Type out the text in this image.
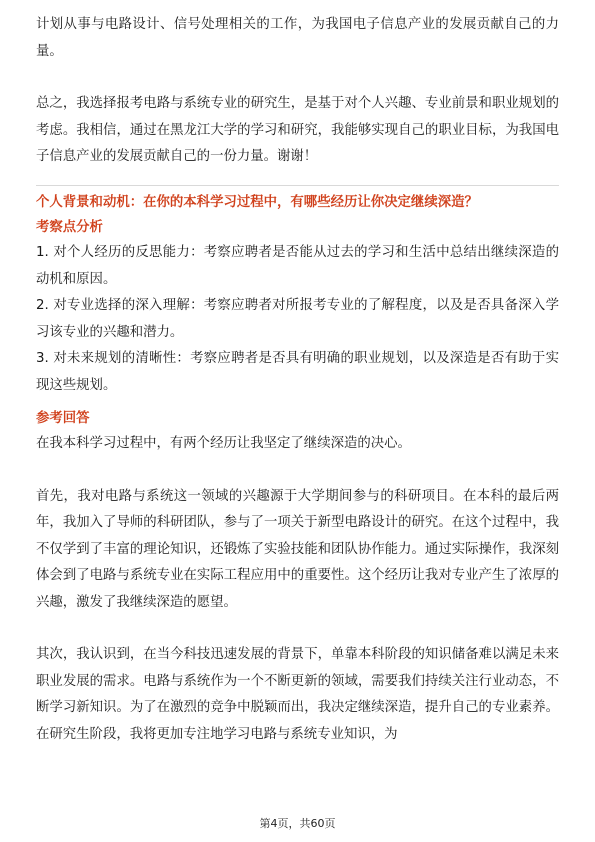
计划从事与电路设计、信号处理相关的工作，为我国电子信息产业的发展贡献自己的力量。

总之，我选择报考电路与系统专业的研究生，是基于对个人兴趣、专业前景和职业规划的考虑。我相信，通过在黑龙江大学的学习和研究，我能够实现自己的职业目标，为我国电子信息产业的发展贡献自己的一份力量。谢谢！

个人背景和动机：在你的本科学习过程中，有哪些经历让你决定继续深造？
考察点分析
1. 对个人经历的反思能力：考察应聘者是否能从过去的学习和生活中总结出继续深造的动机和原因。
2. 对专业选择的深入理解：考察应聘者对所报考专业的了解程度，以及是否具备深入学习该专业的兴趣和潜力。
3. 对未来规划的清晰性：考察应聘者是否具有明确的职业规划，以及深造是否有助于实现这些规划。
参考回答

在我本科学习过程中，有两个经历让我坚定了继续深造的决心。

首先，我对电路与系统这一领域的兴趣源于大学期间参与的科研项目。在本科的最后两年，我加入了导师的科研团队，参与了一项关于新型电路设计的研究。在这个过程中，我不仅学到了丰富的理论知识，还锻炼了实验技能和团队协作能力。通过实际操作，我深刻体会到了电路与系统专业在实际工程应用中的重要性。这个经历让我对专业产生了浓厚的兴趣，激发了我继续深造的愿望。

其次，我认识到，在当今科技迅速发展的背景下，单靠本科阶段的知识储备难以满足未来职业发展的需求。电路与系统作为一个不断更新的领域，需要我们持续关注行业动态，不断学习新知识。为了在激烈的竞争中脱颖而出，我决定继续深造，提升自己的专业素养。在研究生阶段，我将更加专注地学习电路与系统专业知识，为

第4页，共60页
